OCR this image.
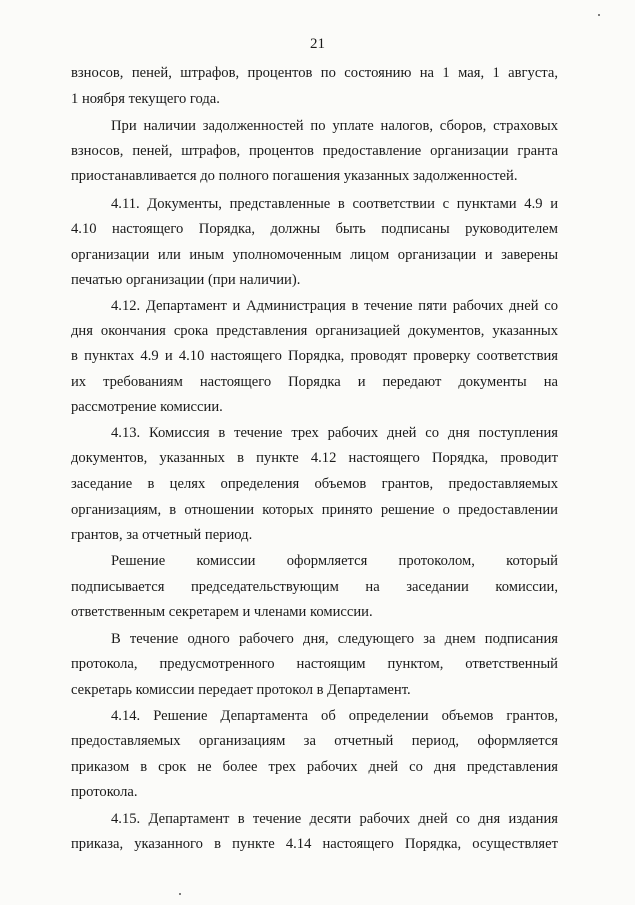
21
взносов, пеней, штрафов, процентов по состоянию на 1 мая, 1 августа,
1 ноября текущего года.
При наличии задолженностей по уплате налогов, сборов, страховых
взносов, пеней, штрафов, процентов предоставление организации гранта
приостанавливается до полного погашения указанных задолженностей.
4.11. Документы, представленные в соответствии с пунктами 4.9 и
4.10 настоящего Порядка, должны быть подписаны руководителем
организации или иным уполномоченным лицом организации и заверены
печатью организации (при наличии).
4.12. Департамент и Администрация в течение пяти рабочих дней со
дня окончания срока представления организацией документов, указанных
в пунктах 4.9 и 4.10 настоящего Порядка, проводят проверку соответствия
их требованиям настоящего Порядка и передают документы на
рассмотрение комиссии.
4.13. Комиссия в течение трех рабочих дней со дня поступления
документов, указанных в пункте 4.12 настоящего Порядка, проводит
заседание в целях определения объемов грантов, предоставляемых
организациям, в отношении которых принято решение о предоставлении
грантов, за отчетный период.
Решение комиссии оформляется протоколом, который
подписывается председательствующим на заседании комиссии,
ответственным секретарем и членами комиссии.
В течение одного рабочего дня, следующего за днем подписания
протокола, предусмотренного настоящим пунктом, ответственный
секретарь комиссии передает протокол в Департамент.
4.14. Решение Департамента об определении объемов грантов,
предоставляемых организациям за отчетный период, оформляется
приказом в срок не более трех рабочих дней со дня представления
протокола.
4.15. Департамент в течение десяти рабочих дней со дня издания
приказа, указанного в пункте 4.14 настоящего Порядка, осуществляет
